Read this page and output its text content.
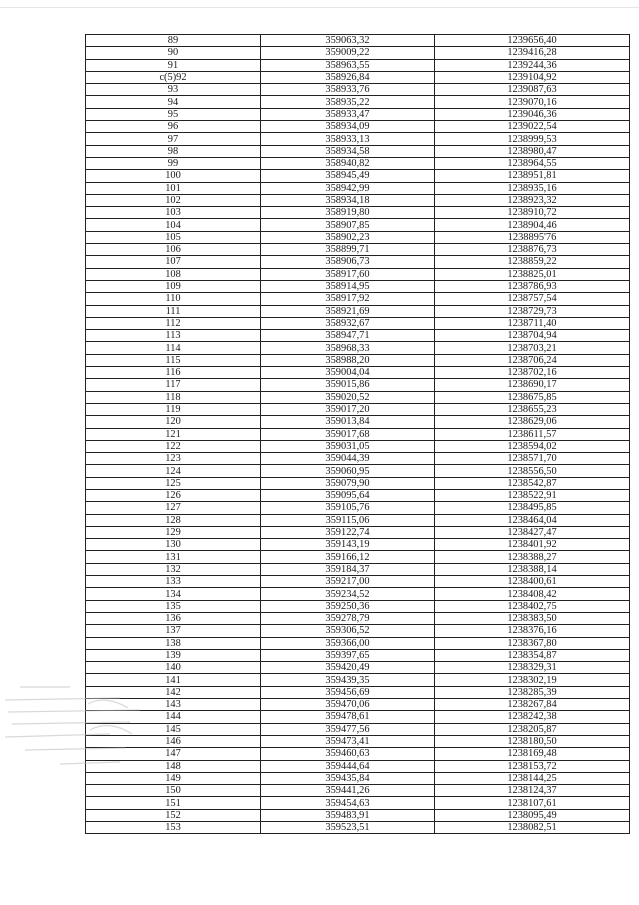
89	359063,32	1239656,40
90	359009,22	1239416,28
91	358963,55	1239244,36
с(5)92	358926,84	1239104,92
93	358933,76	1239087,63
94	358935,22	1239070,16
95	358933,47	1239046,36
96	358934,09	1239022,54
97	358933,13	1238999,53
98	358934,58	1238980,47
99	358940,82	1238964,55
100	358945,49	1238951,81
101	358942,99	1238935,16
102	358934,18	1238923,32
103	358919,80	1238910,72
104	358907,85	1238904,46
105	358902,23	1238895'76
106	358899,71	1238876,73
107	358906,73	1238859,22
108	358917,60	1238825,01
109	358914,95	1238786,93
110	358917,92	1238757,54
111	358921,69	1238729,73
112	358932,67	1238711,40
113	358947,71	1238704,94
114	358968,33	1238703,21
115	358988,20	1238706,24
116	359004,04	1238702,16
117	359015,86	1238690,17
118	359020,52	1238675,85
119	359017,20	1238655,23
120	359013,84	1238629,06
121	359017,68	1238611,57
122	359031,05	1238594,02
123	359044,39	1238571,70
124	359060,95	1238556,50
125	359079,90	1238542,87
126	359095,64	1238522,91
127	359105,76	1238495,85
128	359115,06	1238464,04
129	359122,74	1238427,47
130	359143,19	1238401,92
131	359166,12	1238388,27
132	359184,37	1238388,14
133	359217,00	1238400,61
134	359234,52	1238408,42
135	359250,36	1238402,75
136	359278,79	1238383,50
137	359306,52	1238376,16
138	359366,00	1238367,80
139	359397,65	1238354,87
140	359420,49	1238329,31
141	359439,35	1238302,19
142	359456,69	1238285,39
143	359470,06	1238267,84
144	359478,61	1238242,38
145	359477,56	1238205,87
146	359473,41	1238180,50
147	359460,63	1238169,48
148	359444,64	1238153,72
149	359435,84	1238144,25
150	359441,26	1238124,37
151	359454,63	1238107,61
152	359483,91	1238095,49
153	359523,51	1238082,51
